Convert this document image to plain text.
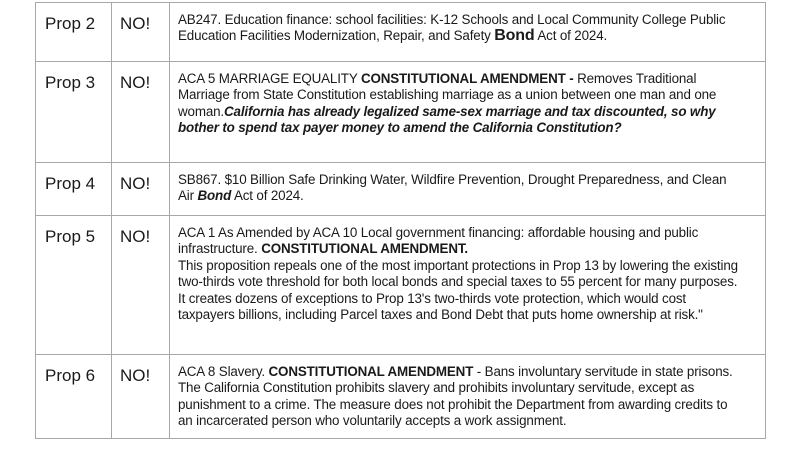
Prop 2	NO!	AB247. Education finance: school facilities: K-12 Schools and Local Community College Public Education Facilities Modernization, Repair, and Safety Bond Act of 2024.
Prop 3	NO!	ACA 5 MARRIAGE EQUALITY CONSTITUTIONAL AMENDMENT - Removes Traditional Marriage from State Constitution establishing marriage as a union between one man and one woman.California has already legalized same-sex marriage and tax discounted, so why bother to spend tax payer money to amend the California Constitution?
Prop 4	NO!	SB867. $10 Billion Safe Drinking Water, Wildfire Prevention, Drought Preparedness, and Clean Air Bond Act of 2024.
Prop 5	NO!	ACA 1 As Amended by ACA 10 Local government financing: affordable housing and public infrastructure. CONSTITUTIONAL AMENDMENT.
This proposition repeals one of the most important protections in Prop 13 by lowering the existing two-thirds vote threshold for both local bonds and special taxes to 55 percent for many purposes. It creates dozens of exceptions to Prop 13's two-thirds vote protection, which would cost taxpayers billions, including Parcel taxes and Bond Debt that puts home ownership at risk."
Prop 6	NO!	ACA 8 Slavery. CONSTITUTIONAL AMENDMENT - Bans involuntary servitude in state prisons. The California Constitution prohibits slavery and prohibits involuntary servitude, except as punishment to a crime. The measure does not prohibit the Department from awarding credits to an incarcerated person who voluntarily accepts a work assignment.
